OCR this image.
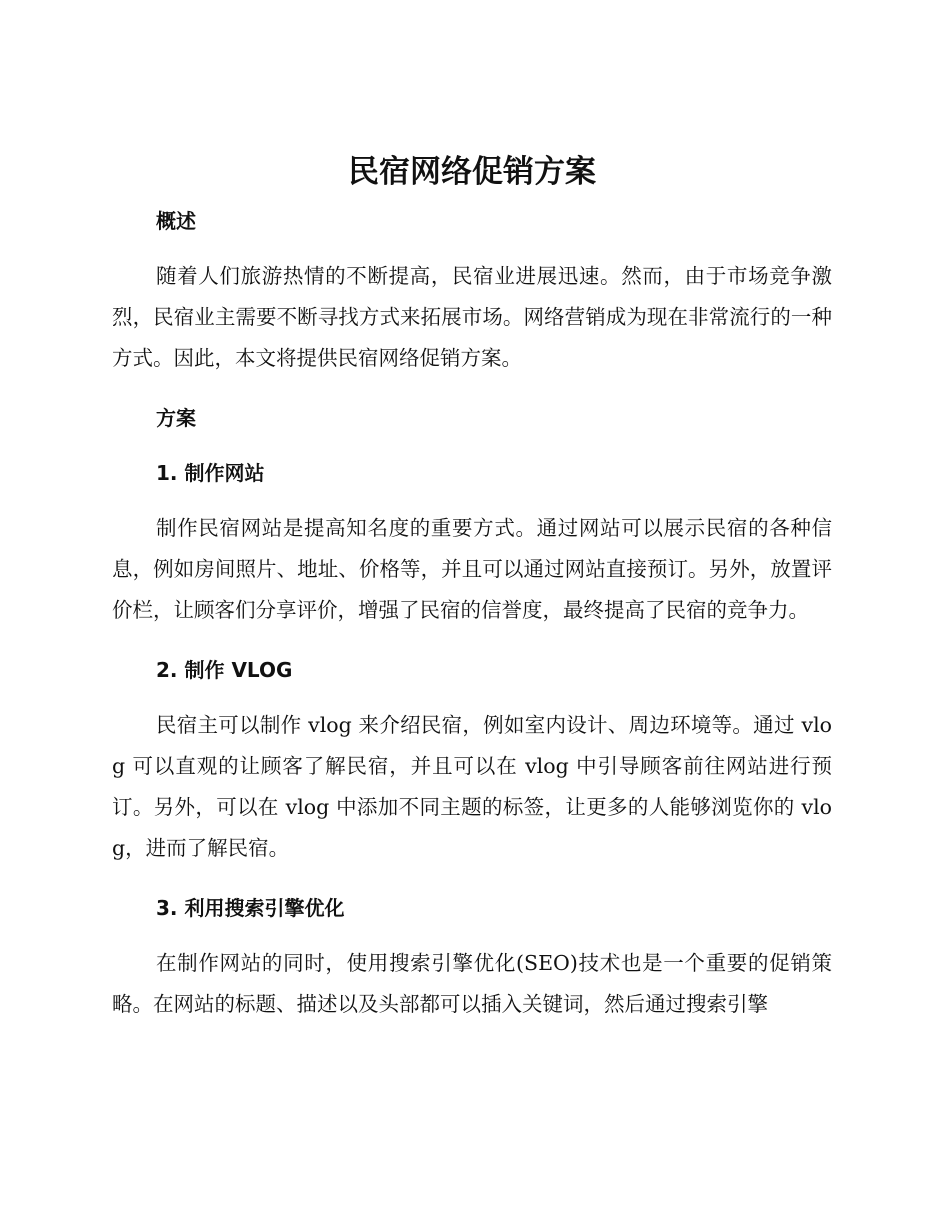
民宿网络促销方案
概述

随着人们旅游热情的不断提高，民宿业进展迅速。然而，由于市场竞争激烈，民宿业主需要不断寻找方式来拓展市场。网络营销成为现在非常流行的一种方式。因此，本文将提供民宿网络促销方案。

方案
1. 制作网站

制作民宿网站是提高知名度的重要方式。通过网站可以展示民宿的各种信息，例如房间照片、地址、价格等，并且可以通过网站直接预订。另外，放置评价栏，让顾客们分享评价，增强了民宿的信誉度，最终提高了民宿的竞争力。

2. 制作 VLOG

民宿主可以制作 vlog 来介绍民宿，例如室内设计、周边环境等。通过 vlog 可以直观的让顾客了解民宿，并且可以在 vlog 中引导顾客前往网站进行预订。另外，可以在 vlog 中添加不同主题的标签，让更多的人能够浏览你的 vlog，进而了解民宿。

3. 利用搜索引擎优化

在制作网站的同时，使用搜索引擎优化(SEO)技术也是一个重要的促销策略。在网站的标题、描述以及头部都可以插入关键词，然后通过搜索引擎
